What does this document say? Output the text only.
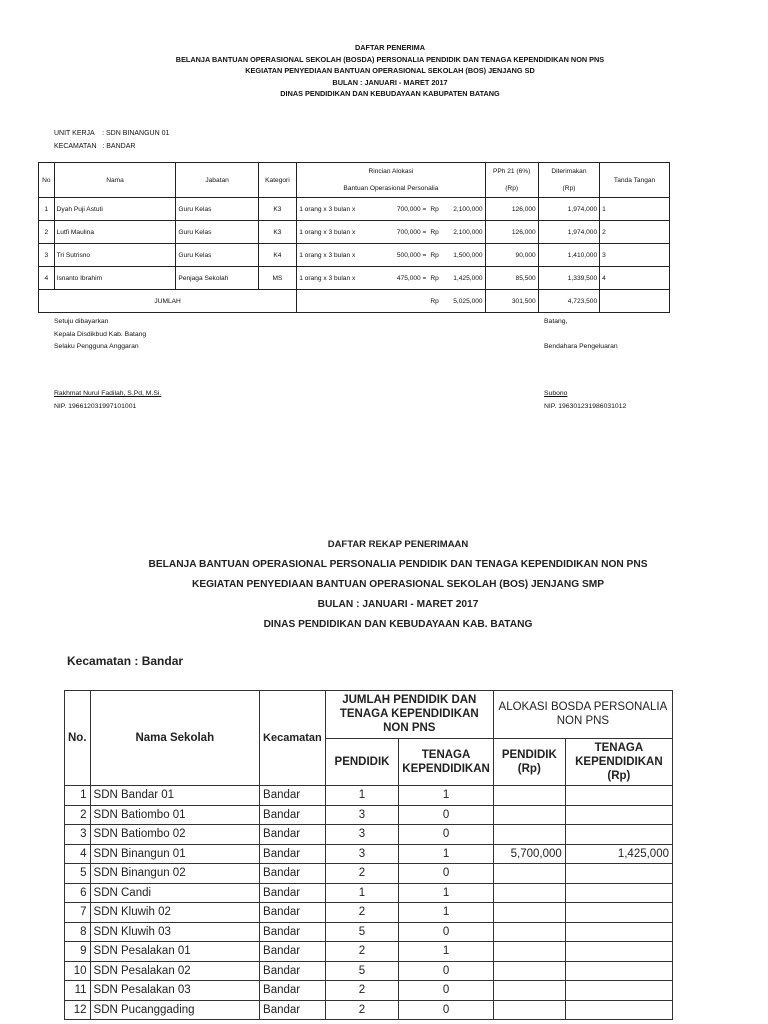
DAFTAR PENERIMA
BELANJA BANTUAN OPERASIONAL SEKOLAH (BOSDA) PERSONALIA PENDIDIK DAN TENAGA KEPENDIDIKAN NON PNS
KEGIATAN PENYEDIAAN BANTUAN OPERASIONAL SEKOLAH (BOS) JENJANG SD
BULAN : JANUARI - MARET 2017
DINAS PENDIDIKAN DAN KEBUDAYAAN KABUPATEN BATANG
UNIT KERJA    : SDN BINANGUN 01
KECAMATAN   : BANDAR
No	Nama	Jabatan	Kategori	Rincian Alokasi				PPh 21 (6%)	Diterimakan	Tanda Tangan
				Bantuan Operasional Personalia				(Rp)	(Rp)	
1	Dyah Puji Astuti	Guru Kelas	K3	1 orang x 3 bulan x	700,000 =	Rp	2,100,000	126,000	1,974,000	1
2	Lutfi Maulina	Guru Kelas	K3	1 orang x 3 bulan x	700,000 =	Rp	2,100,000	126,000	1,974,000	2
3	Tri Sutrisno	Guru Kelas	K4	1 orang x 3 bulan x	500,000 =	Rp	1,500,000	90,000	1,410,000	3
4	Isnanto Ibrahim	Penjaga Sekolah	MS	1 orang x 3 bulan x	475,000 =	Rp	1,425,000	85,500	1,339,500	4
JUMLAH						Rp	5,025,000	301,500	4,723,500	
Setuju dibayarkan
Kepala Disdikbud Kab. Batang
Selaku Pengguna Anggaran
Rakhmat Nurul Fadilah, S.Pd, M.Si.
NIP. 196612031997101001
Batang,
Bendahara Pengeluaran
Subono
NIP. 196301231986031012
DAFTAR REKAP PENERIMAAN
BELANJA BANTUAN OPERASIONAL PERSONALIA PENDIDIK DAN TENAGA KEPENDIDIKAN NON PNS
KEGIATAN PENYEDIAAN BANTUAN OPERASIONAL SEKOLAH (BOS) JENJANG SMP
BULAN : JANUARI - MARET 2017
DINAS PENDIDIKAN DAN KEBUDAYAAN KAB. BATANG
Kecamatan : Bandar
No.	Nama Sekolah	Kecamatan	JUMLAH PENDIDIK DAN TENAGA KEPENDIDIKAN NON PNS		ALOKASI BOSDA PERSONALIA NON PNS	
			PENDIDIK	TENAGA KEPENDIDIKAN	PENDIDIK (Rp)	TENAGA KEPENDIDIKAN (Rp)
1	SDN Bandar 01	Bandar	1	1		
2	SDN Batiombo 01	Bandar	3	0		
3	SDN Batiombo 02	Bandar	3	0		
4	SDN Binangun 01	Bandar	3	1	5,700,000	1,425,000
5	SDN Binangun 02	Bandar	2	0		
6	SDN Candi	Bandar	1	1		
7	SDN Kluwih 02	Bandar	2	1		
8	SDN Kluwih 03	Bandar	5	0		
9	SDN Pesalakan 01	Bandar	2	1		
10	SDN Pesalakan 02	Bandar	5	0		
11	SDN Pesalakan 03	Bandar	2	0		
12	SDN Pucanggading	Bandar	2	0		
